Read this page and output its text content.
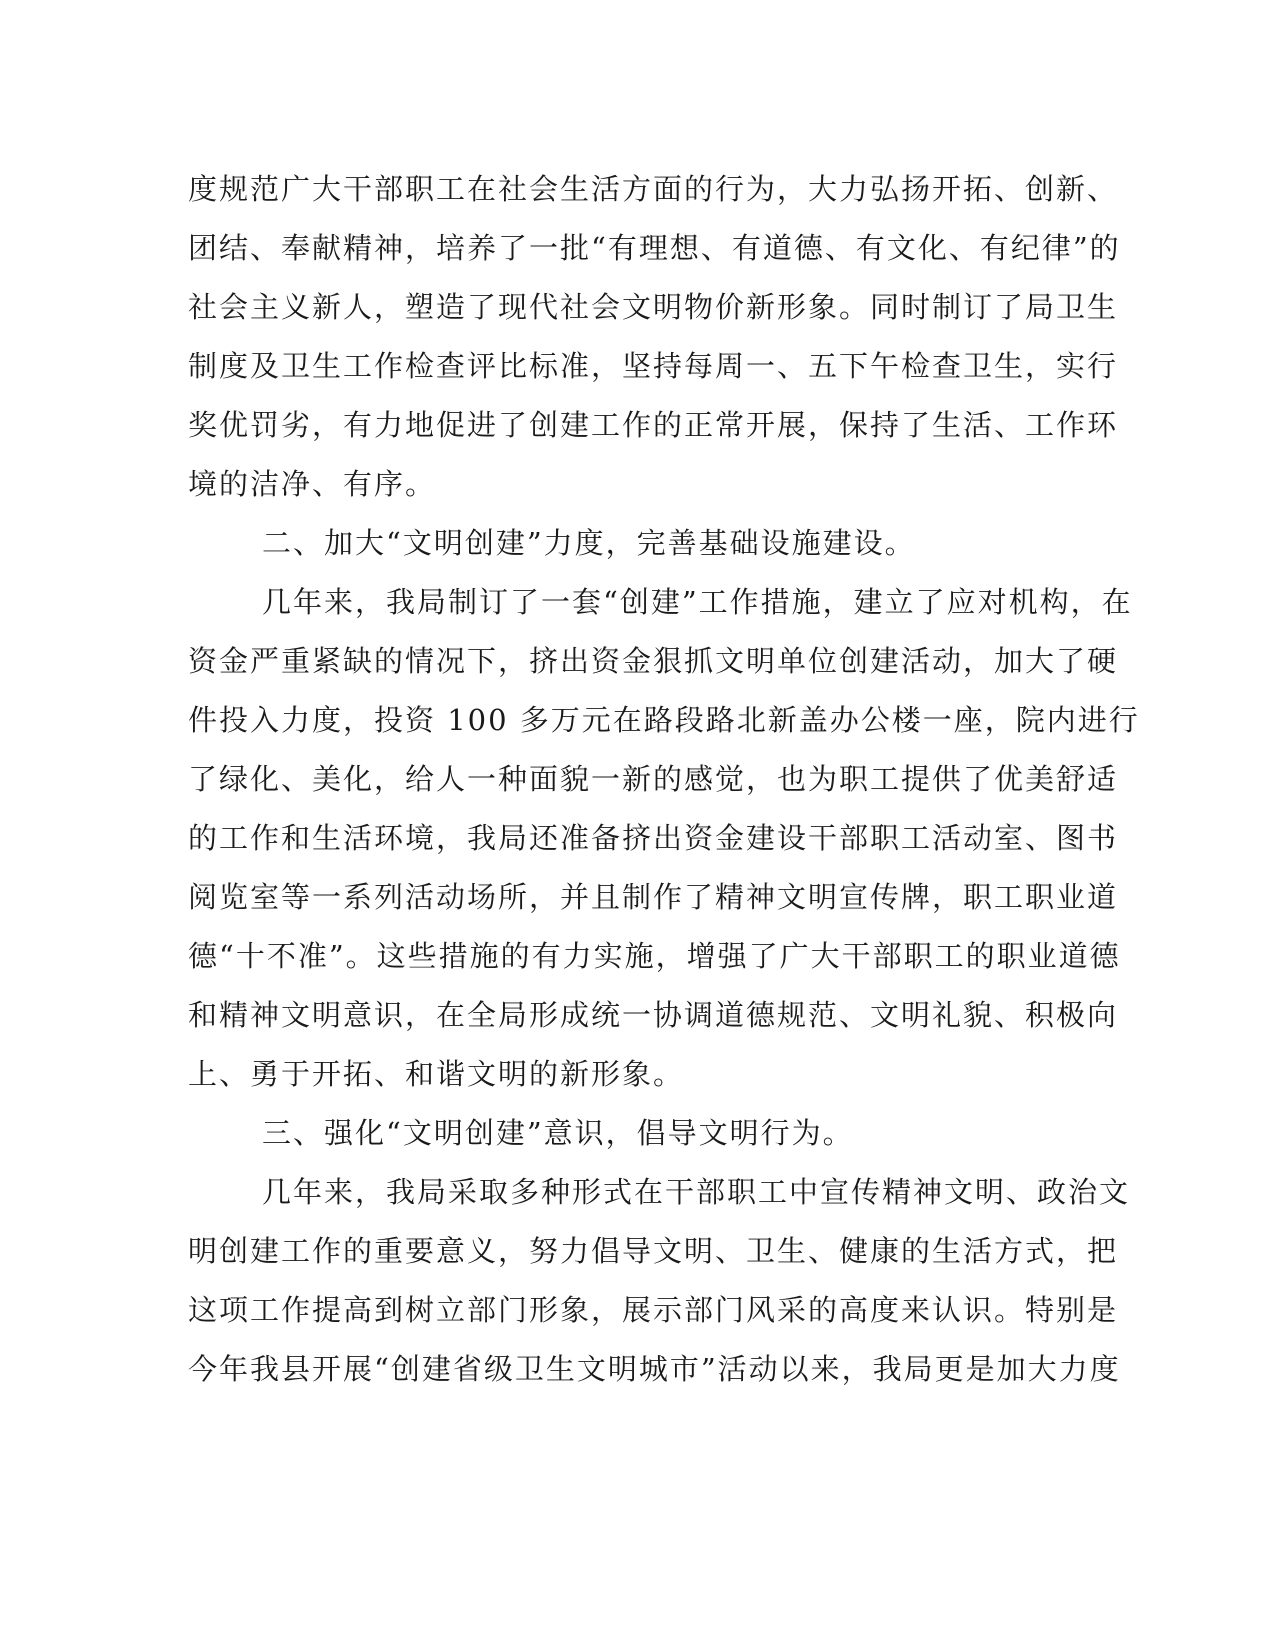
度规范广大干部职工在社会生活方面的行为，大力弘扬开拓、创新、
团结、奉献精神，培养了一批“有理想、有道德、有文化、有纪律”的
社会主义新人，塑造了现代社会文明物价新形象。同时制订了局卫生
制度及卫生工作检查评比标准，坚持每周一、五下午检查卫生，实行
奖优罚劣，有力地促进了创建工作的正常开展，保持了生活、工作环
境的洁净、有序。
二、加大“文明创建”力度，完善基础设施建设。
几年来，我局制订了一套“创建”工作措施，建立了应对机构，在
资金严重紧缺的情况下，挤出资金狠抓文明单位创建活动，加大了硬
件投入力度，投资 100 多万元在路段路北新盖办公楼一座，院内进行
了绿化、美化，给人一种面貌一新的感觉，也为职工提供了优美舒适
的工作和生活环境，我局还准备挤出资金建设干部职工活动室、图书
阅览室等一系列活动场所，并且制作了精神文明宣传牌，职工职业道
德“十不准”。这些措施的有力实施，增强了广大干部职工的职业道德
和精神文明意识，在全局形成统一协调道德规范、文明礼貌、积极向
上、勇于开拓、和谐文明的新形象。
三、强化“文明创建”意识，倡导文明行为。
几年来，我局采取多种形式在干部职工中宣传精神文明、政治文
明创建工作的重要意义，努力倡导文明、卫生、健康的生活方式，把
这项工作提高到树立部门形象，展示部门风采的高度来认识。特别是
今年我县开展“创建省级卫生文明城市”活动以来，我局更是加大力度
